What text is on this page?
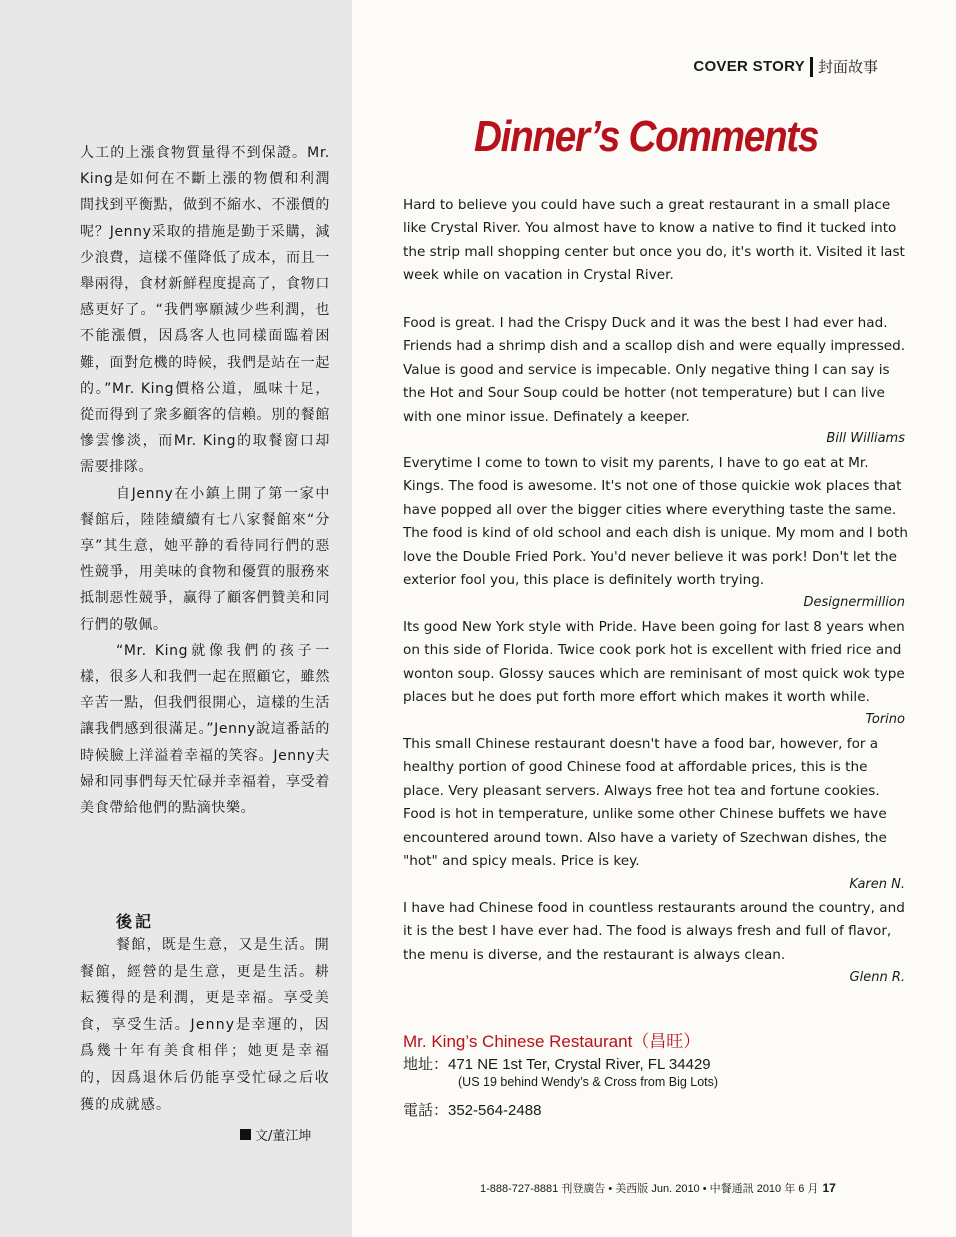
COVER STORY 封面故事

人工的上漲食物質量得不到保證。Mr. King是如何在不斷上漲的物價和利潤間找到平衡點，做到不縮水、不漲價的呢？Jenny采取的措施是勤于采購，減少浪費，這樣不僅降低了成本，而且一舉兩得，食材新鮮程度提高了，食物口感更好了。“我們寧願減少些利潤，也不能漲價，因爲客人也同樣面臨着困難，面對危機的時候，我們是站在一起的。”Mr. King價格公道，風味十足，從而得到了衆多顧客的信賴。別的餐館慘雲慘淡，而Mr. King的取餐窗口却需要排隊。

自Jenny在小鎮上開了第一家中餐館后，陸陸續續有七八家餐館來“分享”其生意，她平静的看待同行們的惡性競爭，用美味的食物和優質的服務來抵制惡性競爭，赢得了顧客們贊美和同行們的敬佩。

“Mr. King就像我們的孩子一樣，很多人和我們一起在照顧它，雖然辛苦一點，但我們很開心，這樣的生活讓我們感到很滿足。”Jenny說這番話的時候臉上洋溢着幸福的笑容。Jenny夫婦和同事們每天忙碌并幸福着，享受着美食帶給他們的點滴快樂。

後記

餐館，既是生意，又是生活。開餐館，經營的是生意，更是生活。耕耘獲得的是利潤，更是幸福。享受美食，享受生活。Jenny是幸運的，因爲幾十年有美食相伴；她更是幸福的，因爲退休后仍能享受忙碌之后收獲的成就感。

文/董江坤
Dinner’s Comments

Hard to believe you could have such a great restaurant in a small place like Crystal River. You almost have to know a native to find it tucked into the strip mall shopping center but once you do, it's worth it. Visited it last week while on vacation in Crystal River.

Food is great. I had the Crispy Duck and it was the best I had ever had. Friends had a shrimp dish and a scallop dish and were equally impressed. Value is good and service is impecable. Only negative thing I can say is the Hot and Sour Soup could be hotter (not temperature) but I can live with one minor issue. Definately a keeper.

Bill Williams

Everytime I come to town to visit my parents, I have to go eat at Mr. Kings. The food is awesome. It's not one of those quickie wok places that have popped all over the bigger cities where everything taste the same. The food is kind of old school and each dish is unique. My mom and I both love the Double Fried Pork. You'd never believe it was pork! Don't let the exterior fool you, this place is definitely worth trying.

Designermillion

Its good New York style with Pride. Have been going for last 8 years when on this side of Florida. Twice cook pork hot is excellent with fried rice and wonton soup. Glossy sauces which are reminisant of most quick wok type places but he does put forth more effort which makes it worth while.

Torino

This small Chinese restaurant doesn't have a food bar, however, for a healthy portion of good Chinese food at affordable prices, this is the place. Very pleasant servers. Always free hot tea and fortune cookies. Food is hot in temperature, unlike some other Chinese buffets we have encountered around town. Also have a variety of Szechwan dishes, the "hot" and spicy meals. Price is key.

Karen N.

I have had Chinese food in countless restaurants around the country, and it is the best I have ever had. The food is always fresh and full of flavor, the menu is diverse, and the restaurant is always clean.

Glenn R.
Mr. King’s Chinese Restaurant（昌旺）
地址：471 NE 1st Ter, Crystal River, FL 34429
(US 19 behind Wendy’s & Cross from Big Lots)
電話：352-564-2488
1-888-727-8881 刊登廣告 • 美西版 Jun. 2010 • 中餐通訊 2010 年 6 月 17
